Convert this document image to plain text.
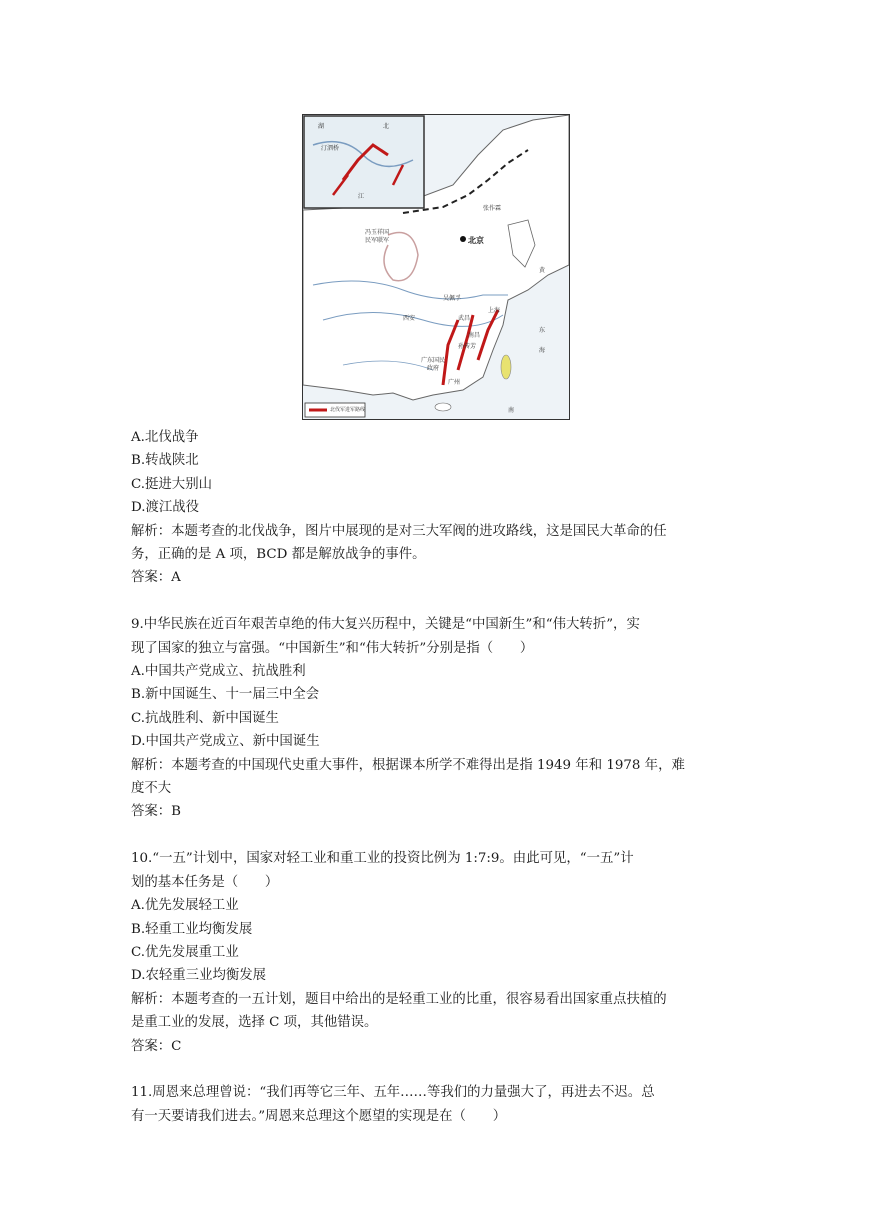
湖	北
汀泗桥
江
张作霖
北京
冯玉祥国
民军联军
西安
吴佩孚
武昌
上海
南昌
孙传芳
广东国民
政府
广州
黄
东
南
海
北伐军进军路线
A.北伐战争
B.转战陕北
C.挺进大别山
D.渡江战役
解析：本题考查的北伐战争，图片中展现的是对三大军阀的进攻路线，这是国民大革命的任
务，正确的是 A 项，BCD 都是解放战争的事件。
答案：A
9.中华民族在近百年艰苦卓绝的伟大复兴历程中，关键是“中国新生”和“伟大转折”，实
现了国家的独立与富强。“中国新生”和“伟大转折”分别是指（　　）
A.中国共产党成立、抗战胜利
B.新中国诞生、十一届三中全会
C.抗战胜利、新中国诞生
D.中国共产党成立、新中国诞生
解析：本题考查的中国现代史重大事件，根据课本所学不难得出是指 1949 年和 1978 年，难
度不大
答案：B
10.“一五”计划中，国家对轻工业和重工业的投资比例为 1:7:9。由此可见，“一五”计
划的基本任务是（　　）
A.优先发展轻工业
B.轻重工业均衡发展
C.优先发展重工业
D.农轻重三业均衡发展
解析：本题考查的一五计划，题目中给出的是轻重工业的比重，很容易看出国家重点扶植的
是重工业的发展，选择 C 项，其他错误。
答案：C
11.周恩来总理曾说：“我们再等它三年、五年……等我们的力量强大了，再进去不迟。总
有一天要请我们进去。”周恩来总理这个愿望的实现是在（　　）
